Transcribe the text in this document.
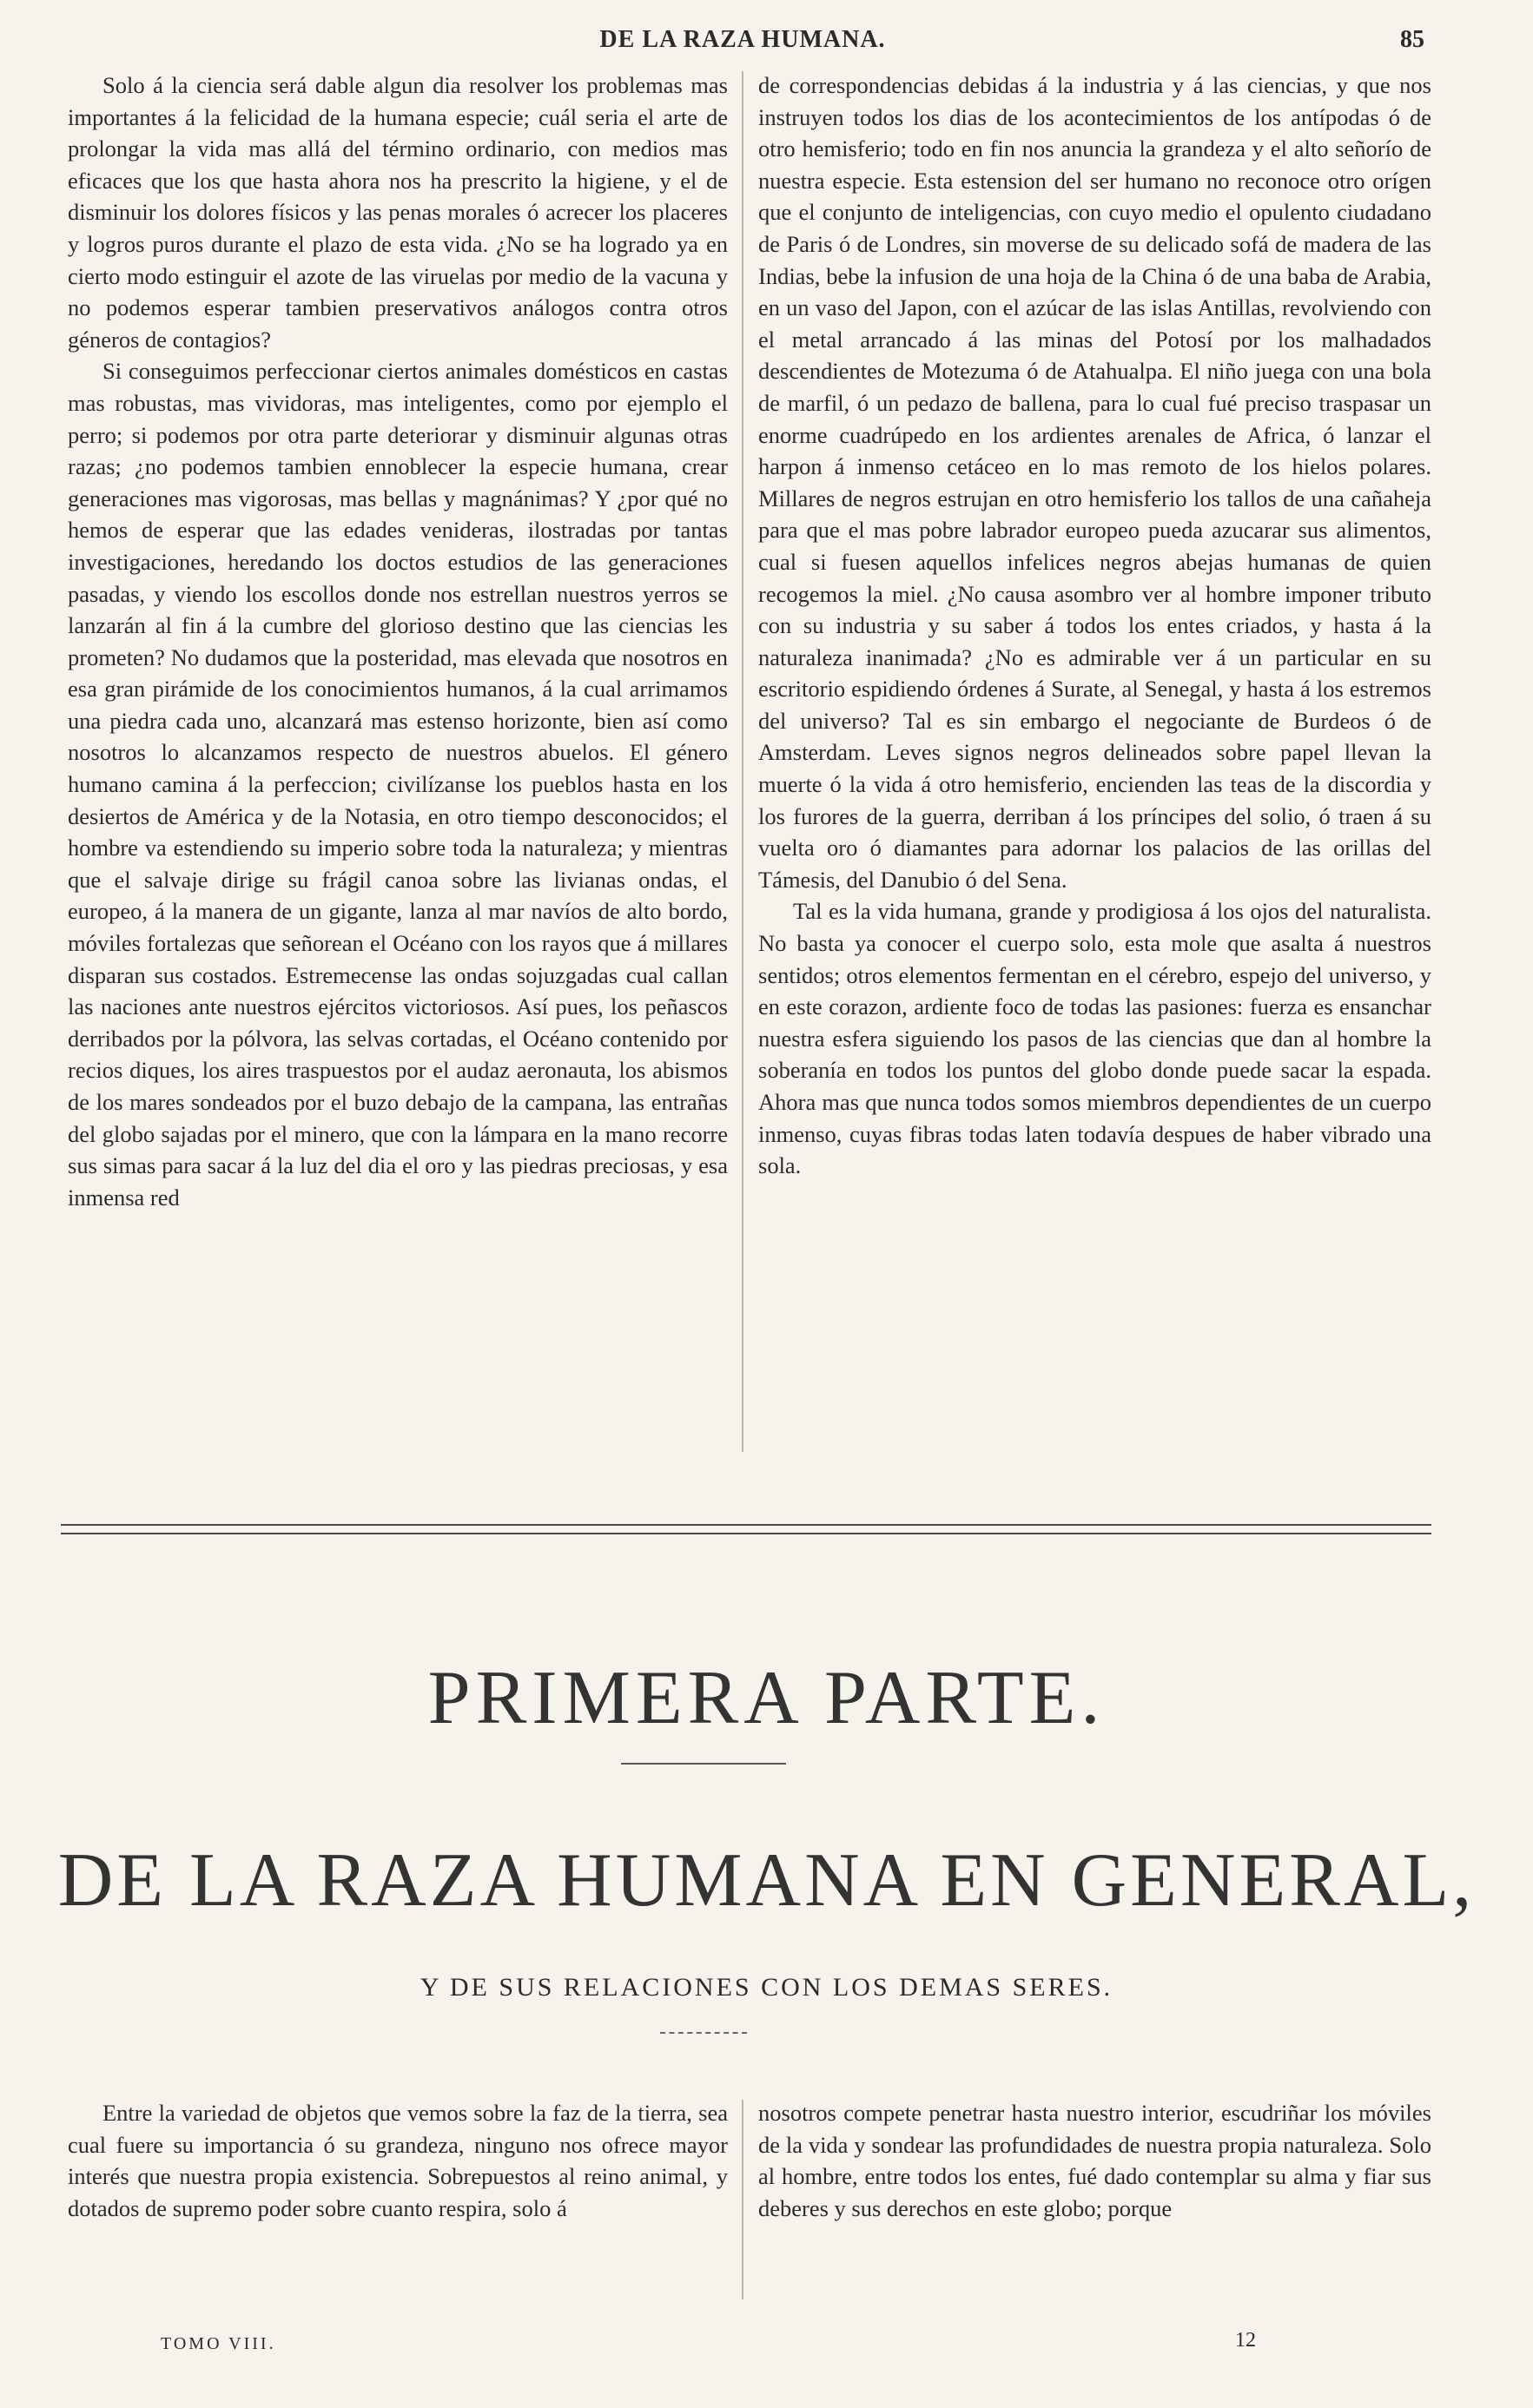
DE LA RAZA HUMANA.	85

Solo á la ciencia será dable algun dia resolver los problemas mas importantes á la felicidad de la humana especie; cuál seria el arte de prolongar la vida mas allá del término ordinario, con medios mas eficaces que los que hasta ahora nos ha prescrito la higiene, y el de disminuir los dolores físicos y las penas morales ó acrecer los placeres y logros puros durante el plazo de esta vida. ¿No se ha logrado ya en cierto modo estinguir el azote de las viruelas por medio de la vacuna y no podemos esperar tambien preservativos análogos contra otros géneros de contagios?

Si conseguimos perfeccionar ciertos animales domésticos en castas mas robustas, mas vividoras, mas inteligentes, como por ejemplo el perro; si podemos por otra parte deteriorar y disminuir algunas otras razas; ¿no podemos tambien ennoblecer la especie humana, crear generaciones mas vigorosas, mas bellas y magnánimas? Y ¿por qué no hemos de esperar que las edades venideras, ilostradas por tantas investigaciones, heredando los doctos estudios de las generaciones pasadas, y viendo los escollos donde nos estrellan nuestros yerros se lanzarán al fin á la cumbre del glorioso destino que las ciencias les prometen? No dudamos que la posteridad, mas elevada que nosotros en esa gran pirámide de los conocimientos humanos, á la cual arrimamos una piedra cada uno, alcanzará mas estenso horizonte, bien así como nosotros lo alcanzamos respecto de nuestros abuelos. El género humano camina á la perfeccion; civilízanse los pueblos hasta en los desiertos de América y de la Notasia, en otro tiempo desconocidos; el hombre va estendiendo su imperio sobre toda la naturaleza; y mientras que el salvaje dirige su frágil canoa sobre las livianas ondas, el europeo, á la manera de un gigante, lanza al mar navíos de alto bordo, móviles fortalezas que señorean el Océano con los rayos que á millares disparan sus costados. Estremecense las ondas sojuzgadas cual callan las naciones ante nuestros ejércitos victoriosos. Así pues, los peñascos derribados por la pólvora, las selvas cortadas, el Océano contenido por recios diques, los aires traspuestos por el audaz aeronauta, los abismos de los mares sondeados por el buzo debajo de la campana, las entrañas del globo sajadas por el minero, que con la lámpara en la mano recorre sus simas para sacar á la luz del dia el oro y las piedras preciosas, y esa inmensa red

de correspondencias debidas á la industria y á las ciencias, y que nos instruyen todos los dias de los acontecimientos de los antípodas ó de otro hemisferio; todo en fin nos anuncia la grandeza y el alto señorío de nuestra especie. Esta estension del ser humano no reconoce otro orígen que el conjunto de inteligencias, con cuyo medio el opulento ciudadano de Paris ó de Londres, sin moverse de su delicado sofá de madera de las Indias, bebe la infusion de una hoja de la China ó de una baba de Arabia, en un vaso del Japon, con el azúcar de las islas Antillas, revolviendo con el metal arrancado á las minas del Potosí por los malhadados descendientes de Motezuma ó de Atahualpa. El niño juega con una bola de marfil, ó un pedazo de ballena, para lo cual fué preciso traspasar un enorme cuadrúpedo en los ardientes arenales de Africa, ó lanzar el harpon á inmenso cetáceo en lo mas remoto de los hielos polares. Millares de negros estrujan en otro hemisferio los tallos de una cañaheja para que el mas pobre labrador europeo pueda azucarar sus alimentos, cual si fuesen aquellos infelices negros abejas humanas de quien recogemos la miel. ¿No causa asombro ver al hombre imponer tributo con su industria y su saber á todos los entes criados, y hasta á la naturaleza inanimada? ¿No es admirable ver á un particular en su escritorio espidiendo órdenes á Surate, al Senegal, y hasta á los estremos del universo? Tal es sin embargo el negociante de Burdeos ó de Amsterdam. Leves signos negros delineados sobre papel llevan la muerte ó la vida á otro hemisferio, encienden las teas de la discordia y los furores de la guerra, derriban á los príncipes del solio, ó traen á su vuelta oro ó diamantes para adornar los palacios de las orillas del Támesis, del Danubio ó del Sena.

Tal es la vida humana, grande y prodigiosa á los ojos del naturalista. No basta ya conocer el cuerpo solo, esta mole que asalta á nuestros sentidos; otros elementos fermentan en el cérebro, espejo del universo, y en este corazon, ardiente foco de todas las pasiones: fuerza es ensanchar nuestra esfera siguiendo los pasos de las ciencias que dan al hombre la soberanía en todos los puntos del globo donde puede sacar la espada. Ahora mas que nunca todos somos miembros dependientes de un cuerpo inmenso, cuyas fibras todas laten todavía despues de haber vibrado una sola.

PRIMERA PARTE.
DE LA RAZA HUMANA EN GENERAL,
Y DE SUS RELACIONES CON LOS DEMAS SERES.

Entre la variedad de objetos que vemos sobre la faz de la tierra, sea cual fuere su importancia ó su grandeza, ninguno nos ofrece mayor interés que nuestra propia existencia. Sobrepuestos al reino animal, y dotados de supremo poder sobre cuanto respira, solo á

nosotros compete penetrar hasta nuestro interior, escudriñar los móviles de la vida y sondear las profundidades de nuestra propia naturaleza. Solo al hombre, entre todos los entes, fué dado contemplar su alma y fiar sus deberes y sus derechos en este globo; porque

TOMO VIII.	12
